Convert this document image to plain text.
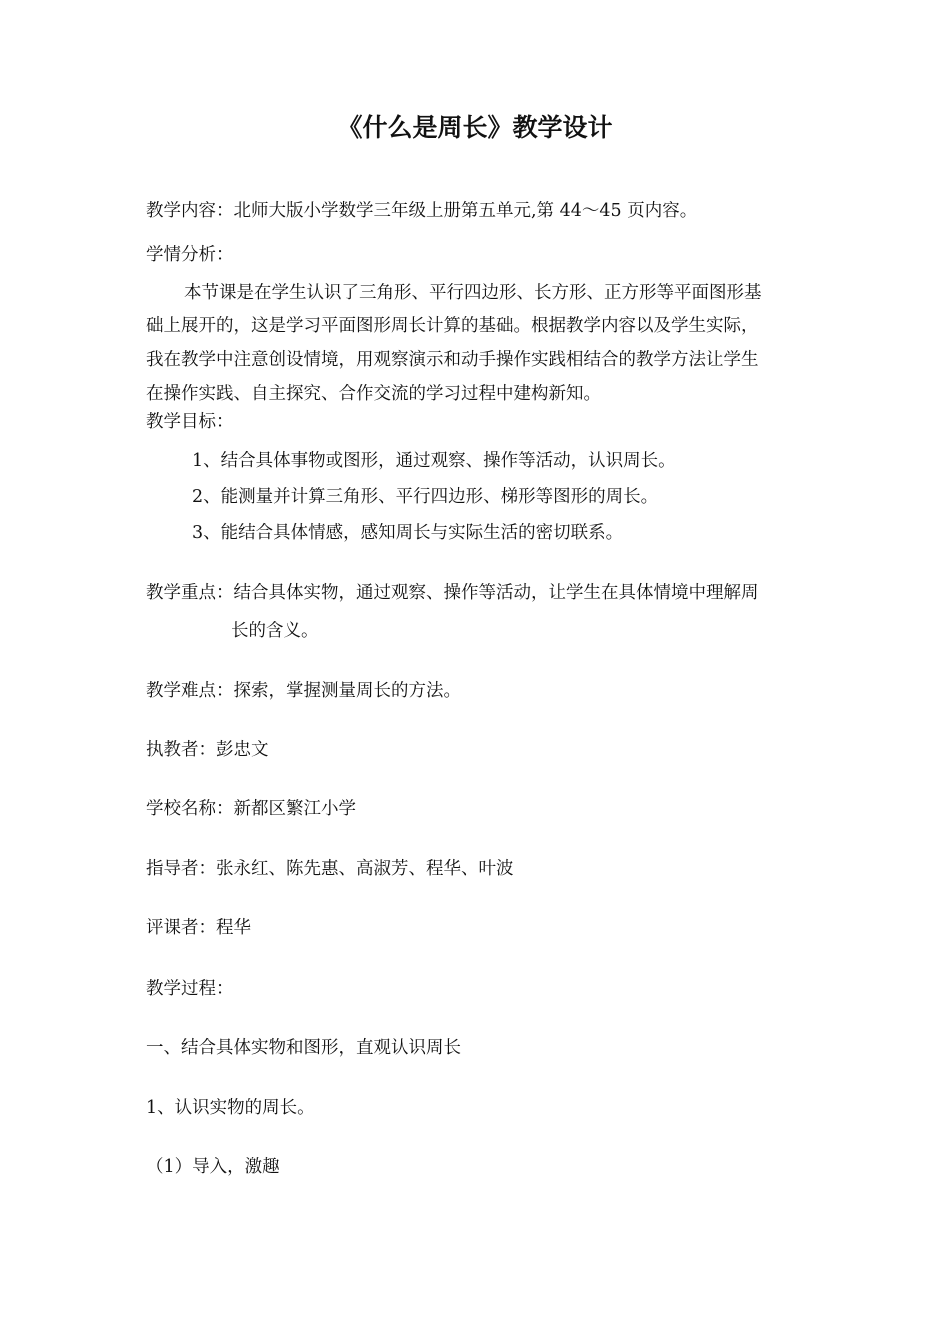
《什么是周长》教学设计
教学内容：北师大版小学数学三年级上册第五单元,第 44～45 页内容。
学情分析：
本节课是在学生认识了三角形、平行四边形、长方形、正方形等平面图形基
础上展开的，这是学习平面图形周长计算的基础。根据教学内容以及学生实际，
我在教学中注意创设情境，用观察演示和动手操作实践相结合的教学方法让学生
在操作实践、自主探究、合作交流的学习过程中建构新知。
教学目标：
1、结合具体事物或图形，通过观察、操作等活动，认识周长。
2、能测量并计算三角形、平行四边形、梯形等图形的周长。
3、能结合具体情感，感知周长与实际生活的密切联系。
教学重点：结合具体实物，通过观察、操作等活动，让学生在具体情境中理解周
长的含义。
教学难点：探索，掌握测量周长的方法。
执教者：彭忠文
学校名称：新都区繁江小学
指导者：张永红、陈先惠、高淑芳、程华、叶波
评课者：程华
教学过程：
一、结合具体实物和图形，直观认识周长
1、认识实物的周长。
（1）导入，激趣
